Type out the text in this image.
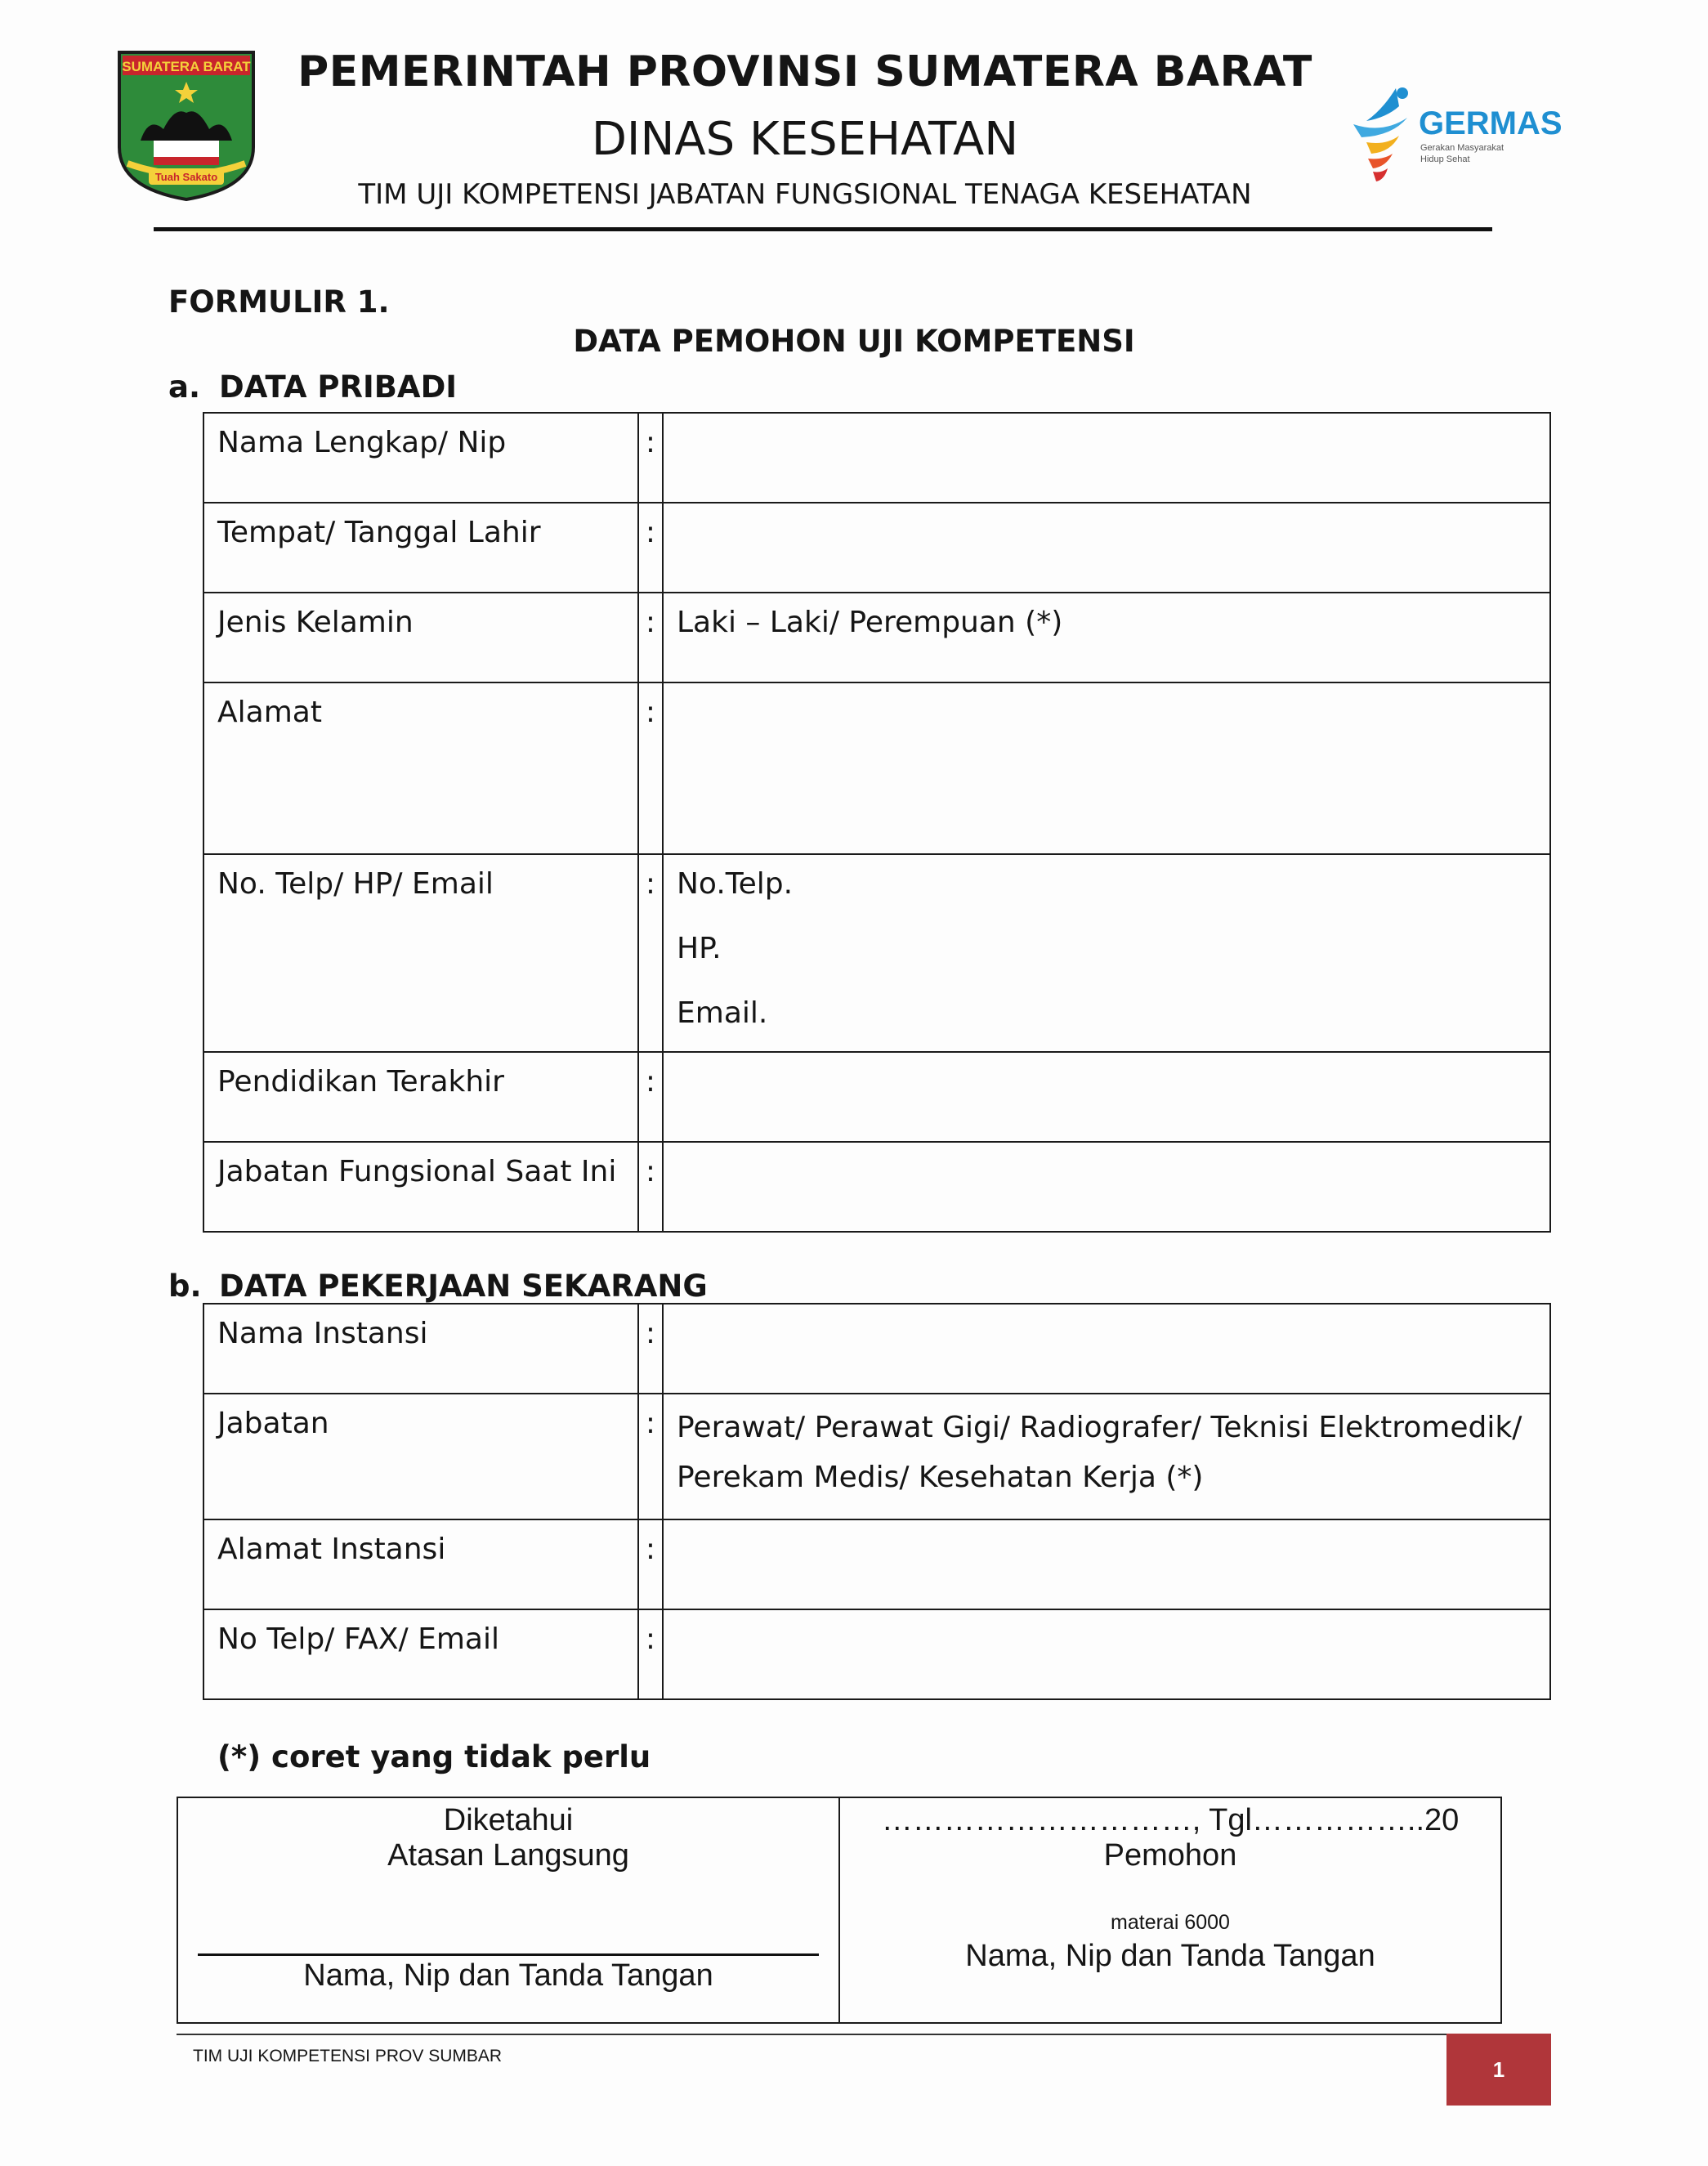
SUMATERA BARAT
Tuah Sakato
PEMERINTAH PROVINSI SUMATERA BARAT
DINAS KESEHATAN
TIM UJI KOMPETENSI JABATAN FUNGSIONAL TENAGA KESEHATAN
GERMAS
Gerakan Masyarakat
Hidup Sehat
FORMULIR 1.
DATA PEMOHON UJI KOMPETENSI
a. DATA PRIBADI
Nama Lengkap/ Nip	:	
Tempat/ Tanggal Lahir	:	
Jenis Kelamin	:	Laki – Laki/ Perempuan (*)
Alamat	:	
No. Telp/ HP/ Email	:	No.Telp.
HP.
Email.

Pendidikan Terakhir	:	
Jabatan Fungsional Saat Ini	:	
b. DATA PEKERJAAN SEKARANG
Nama Instansi	:	
Jabatan	:	Perawat/ Perawat Gigi/ Radiografer/ Teknisi Elektromedik/
Perekam Medis/ Kesehatan Kerja (*)

Alamat Instansi	:	
No Telp/ FAX/ Email	:	
(*) coret yang tidak perlu
Diketahui
Atasan Langsung
Nama, Nip dan Tanda Tangan

…………………………, Tgl……………..20
Pemohon
materai 6000
Nama, Nip dan Tanda Tangan
TIM UJI KOMPETENSI PROV SUMBAR
1
